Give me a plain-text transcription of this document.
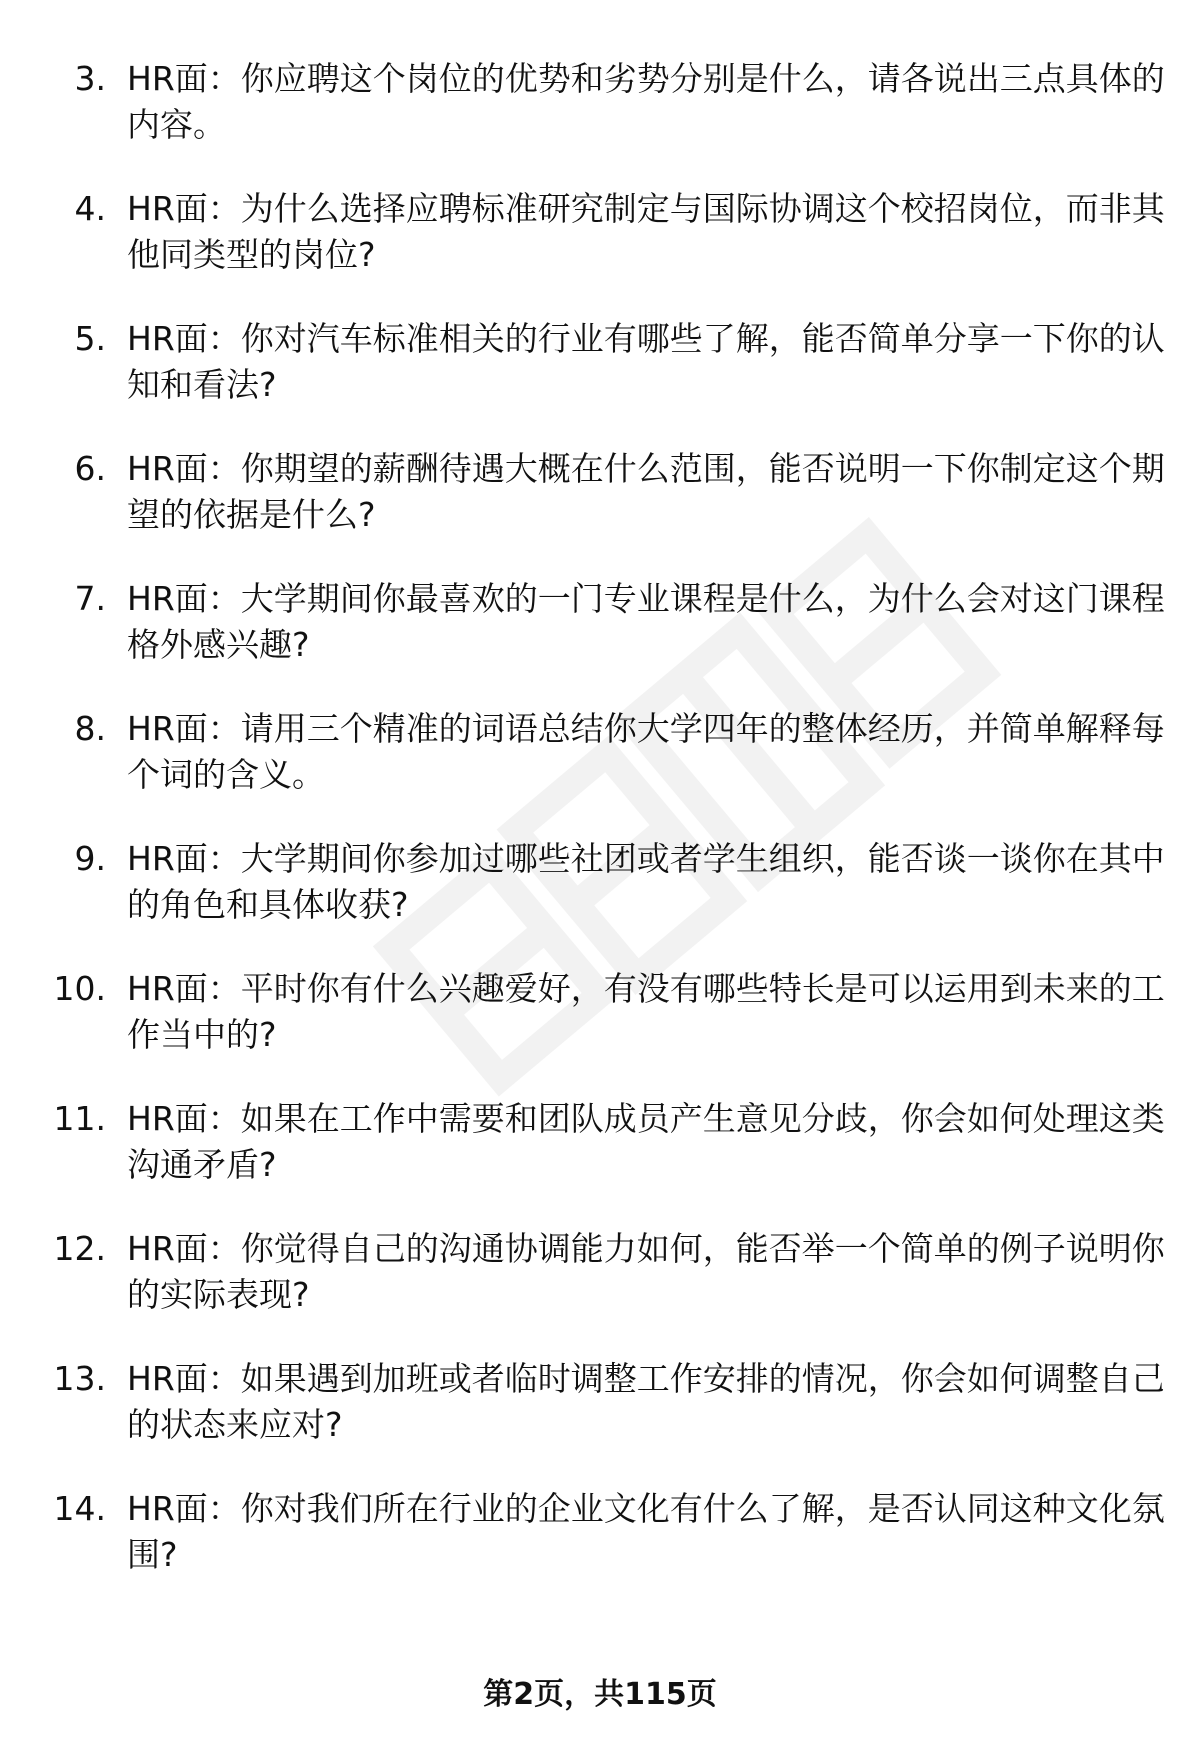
3. HR面：你应聘这个岗位的优势和劣势分别是什么，请各说出三点具体的内容。
4. HR面：为什么选择应聘标准研究制定与国际协调这个校招岗位，而非其他同类型的岗位?
5. HR面：你对汽车标准相关的行业有哪些了解，能否简单分享一下你的认知和看法?
6. HR面：你期望的薪酬待遇大概在什么范围，能否说明一下你制定这个期望的依据是什么?
7. HR面：大学期间你最喜欢的一门专业课程是什么，为什么会对这门课程格外感兴趣?
8. HR面：请用三个精准的词语总结你大学四年的整体经历，并简单解释每个词的含义。
9. HR面：大学期间你参加过哪些社团或者学生组织，能否谈一谈你在其中的角色和具体收获?
10. HR面：平时你有什么兴趣爱好，有没有哪些特长是可以运用到未来的工作当中的?
11. HR面：如果在工作中需要和团队成员产生意见分歧，你会如何处理这类沟通矛盾?
12. HR面：你觉得自己的沟通协调能力如何，能否举一个简单的例子说明你的实际表现?
13. HR面：如果遇到加班或者临时调整工作安排的情况，你会如何调整自己的状态来应对?
14. HR面：你对我们所在行业的企业文化有什么了解，是否认同这种文化氛围?
第2页，共115页
